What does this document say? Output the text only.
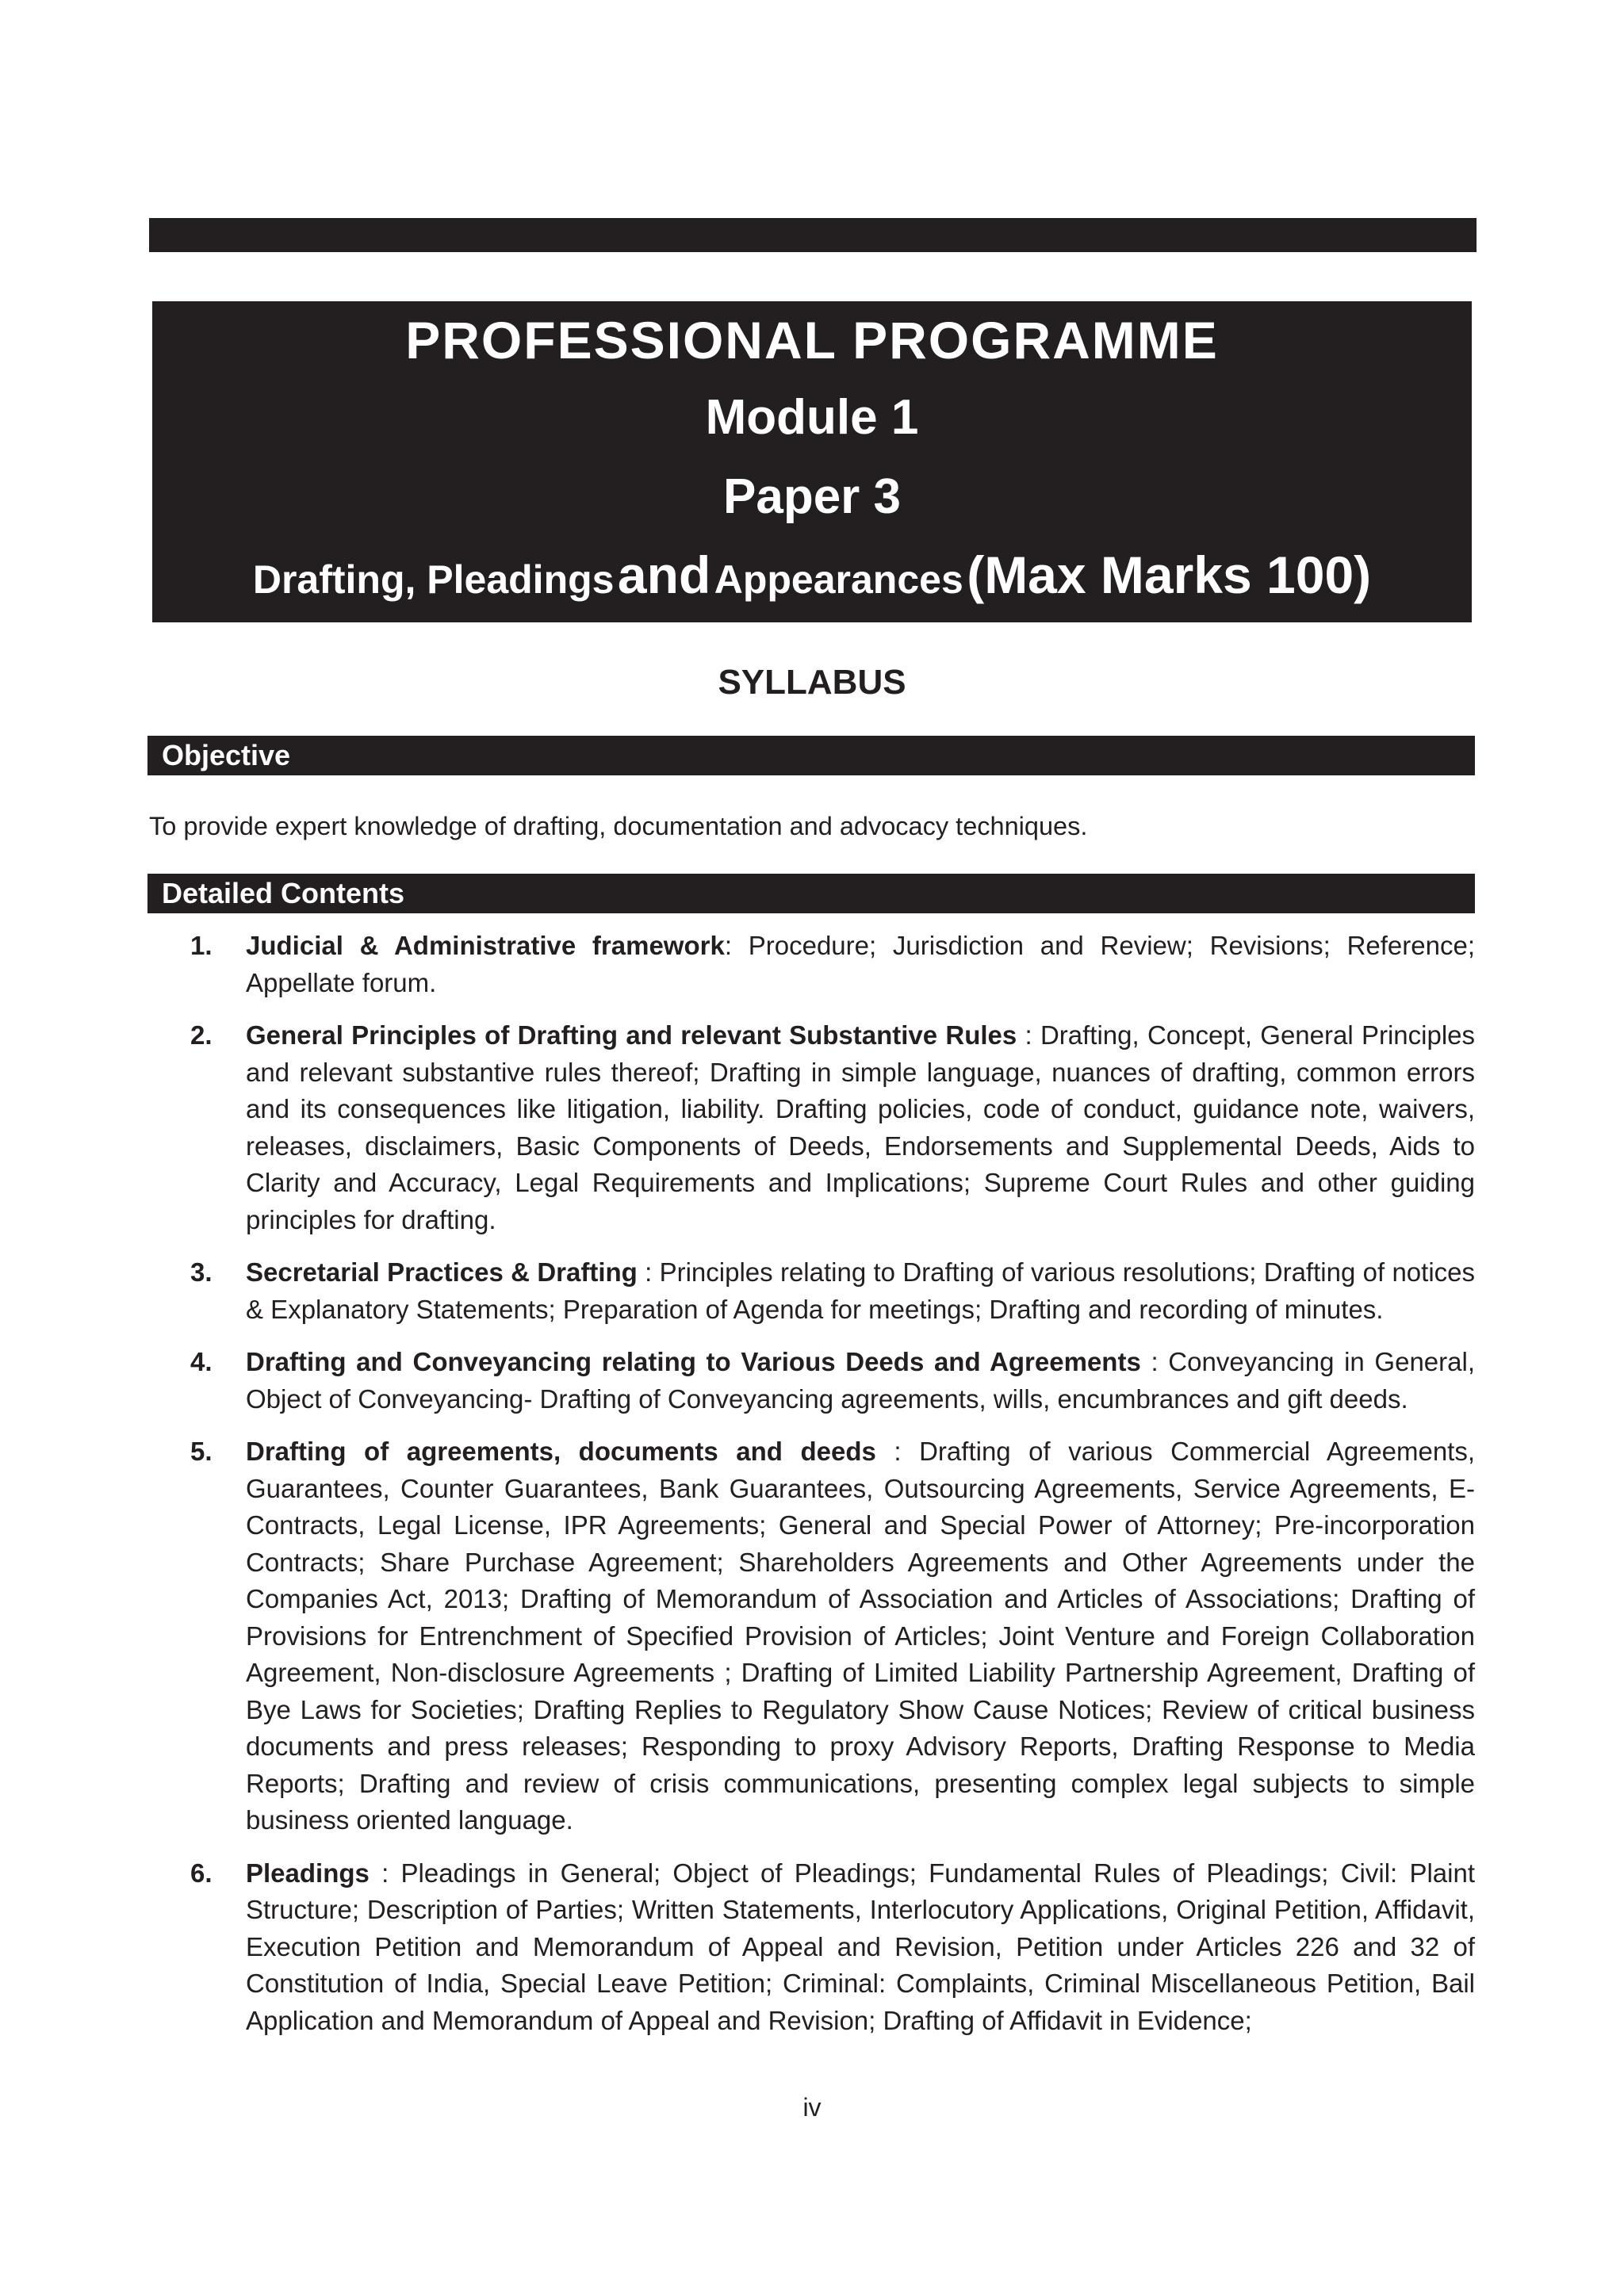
PROFESSIONAL PROGRAMME
Module 1
Paper 3
Drafting, Pleadings and Appearances (Max Marks 100)
SYLLABUS
Objective
To provide expert knowledge of drafting, documentation and advocacy techniques.
Detailed Contents
1.	Judicial & Administrative framework: Procedure; Jurisdiction and Review; Revisions; Reference; Appellate forum.
2.	General Principles of Drafting and relevant Substantive Rules : Drafting, Concept, General Principles and relevant substantive rules thereof; Drafting in simple language, nuances of drafting, common errors and its consequences like litigation, liability. Drafting policies, code of conduct, guidance note, waivers, releases, disclaimers, Basic Components of Deeds, Endorsements and Supplemental Deeds, Aids to Clarity and Accuracy, Legal Requirements and Implications; Supreme Court Rules and other guiding principles for drafting.
3.	Secretarial Practices & Drafting : Principles relating to Drafting of various resolutions; Drafting of notices & Explanatory Statements; Preparation of Agenda for meetings; Drafting and recording of minutes.
4.	Drafting and Conveyancing relating to Various Deeds and Agreements : Conveyancing in General, Object of Conveyancing- Drafting of Conveyancing agreements, wills, encumbrances and gift deeds.
5.	Drafting of agreements, documents and deeds : Drafting of various Commercial Agreements, Guarantees, Counter Guarantees, Bank Guarantees, Outsourcing Agreements, Service Agreements, E-Contracts, Legal License, IPR Agreements; General and Special Power of Attorney; Pre-incorporation Contracts; Share Purchase Agreement; Shareholders Agreements and Other Agreements under the Companies Act, 2013; Drafting of Memorandum of Association and Articles of Associations; Drafting of Provisions for Entrenchment of Specified Provision of Articles; Joint Venture and Foreign Collaboration Agreement, Non-disclosure Agreements ; Drafting of Limited Liability Partnership Agreement, Drafting of Bye Laws for Societies; Drafting Replies to Regulatory Show Cause Notices; Review of critical business documents and press releases; Responding to proxy Advisory Reports, Drafting Response to Media Reports; Drafting and review of crisis communications, presenting complex legal subjects to simple business oriented language.
6.	Pleadings : Pleadings in General; Object of Pleadings; Fundamental Rules of Pleadings; Civil: Plaint Structure; Description of Parties; Written Statements, Interlocutory Applications, Original Petition, Affidavit, Execution Petition and Memorandum of Appeal and Revision, Petition under Articles 226 and 32 of Constitution of India, Special Leave Petition; Criminal: Complaints, Criminal Miscellaneous Petition, Bail Application and Memorandum of Appeal and Revision; Drafting of Affidavit in Evidence;
iv
